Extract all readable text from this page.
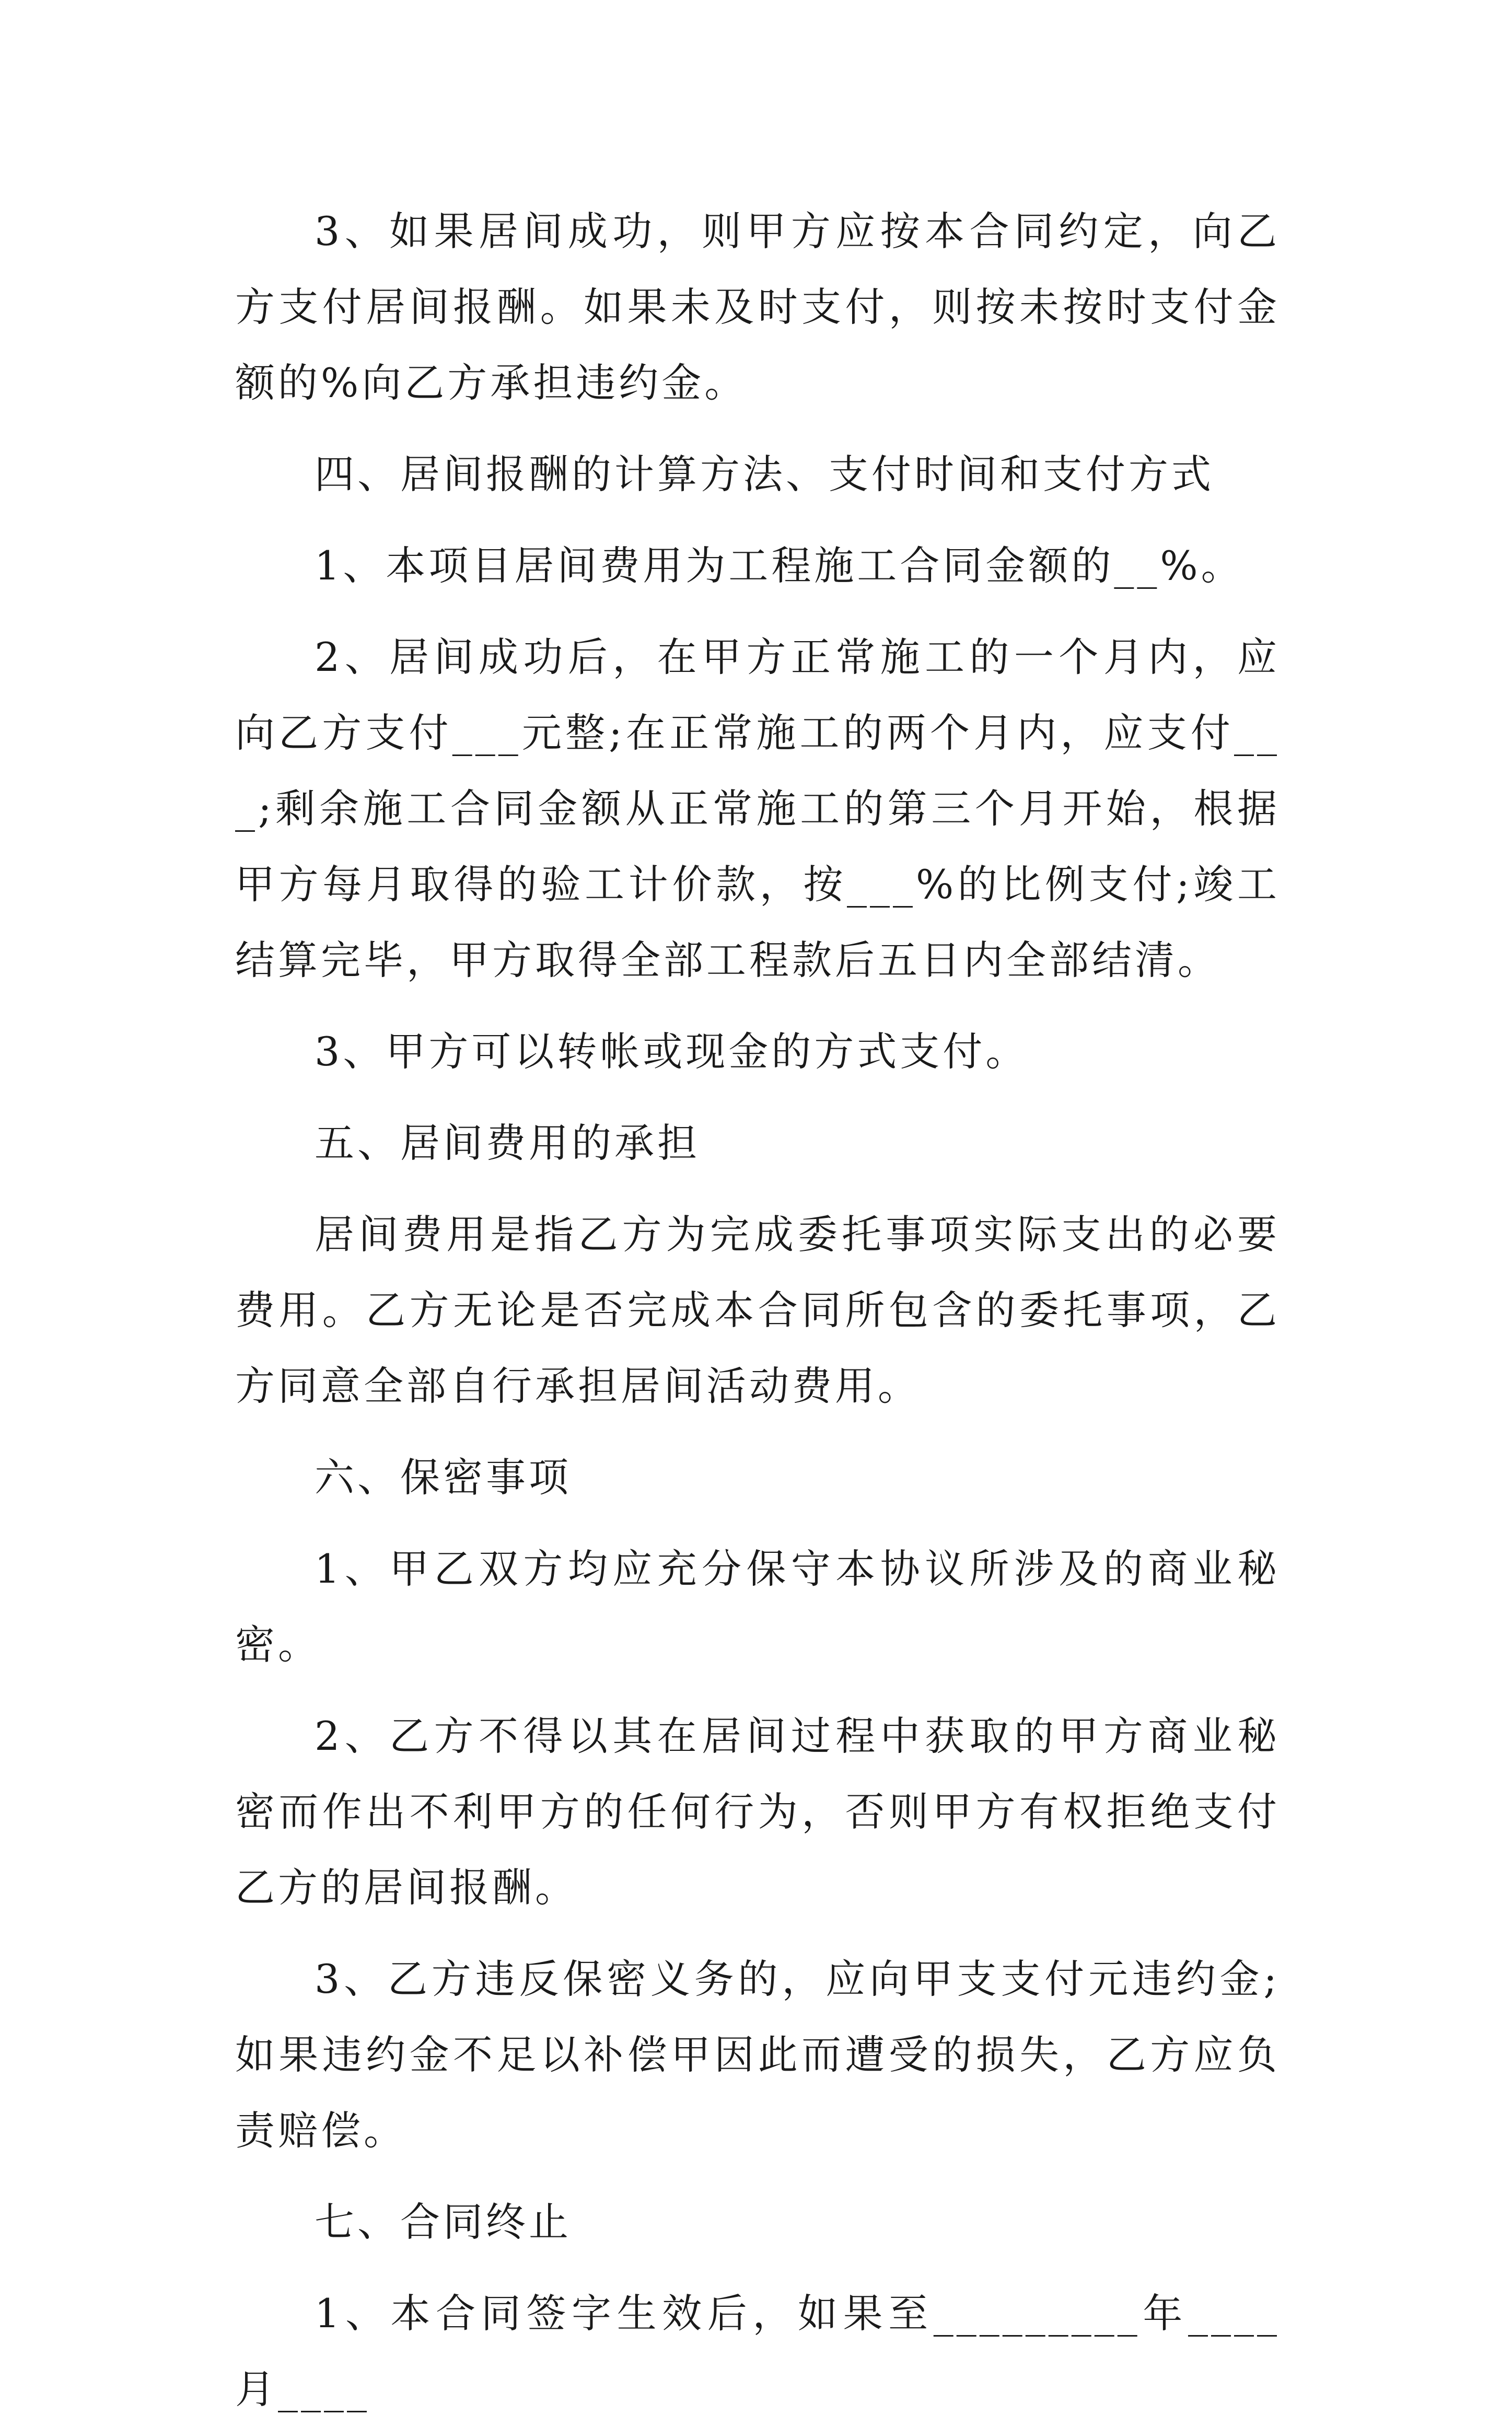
3、如果居间成功，则甲方应按本合同约定，向乙方支付居间报酬。如果未及时支付，则按未按时支付金额的%向乙方承担违约金。

四、居间报酬的计算方法、支付时间和支付方式

1、本项目居间费用为工程施工合同金额的__%。

2、居间成功后，在甲方正常施工的一个月内，应向乙方支付___元整;在正常施工的两个月内，应支付___;剩余施工合同金额从正常施工的第三个月开始，根据甲方每月取得的验工计价款，按___%的比例支付;竣工结算完毕，甲方取得全部工程款后五日内全部结清。

3、甲方可以转帐或现金的方式支付。

五、居间费用的承担

居间费用是指乙方为完成委托事项实际支出的必要费用。乙方无论是否完成本合同所包含的委托事项，乙方同意全部自行承担居间活动费用。

六、保密事项

1、甲乙双方均应充分保守本协议所涉及的商业秘密。

2、乙方不得以其在居间过程中获取的甲方商业秘密而作出不利甲方的任何行为，否则甲方有权拒绝支付乙方的居间报酬。

3、乙方违反保密义务的，应向甲支支付元违约金;如果违约金不足以补偿甲因此而遭受的损失，乙方应负责赔偿。

七、合同终止

1、本合同签字生效后，如果至_________年____月____
